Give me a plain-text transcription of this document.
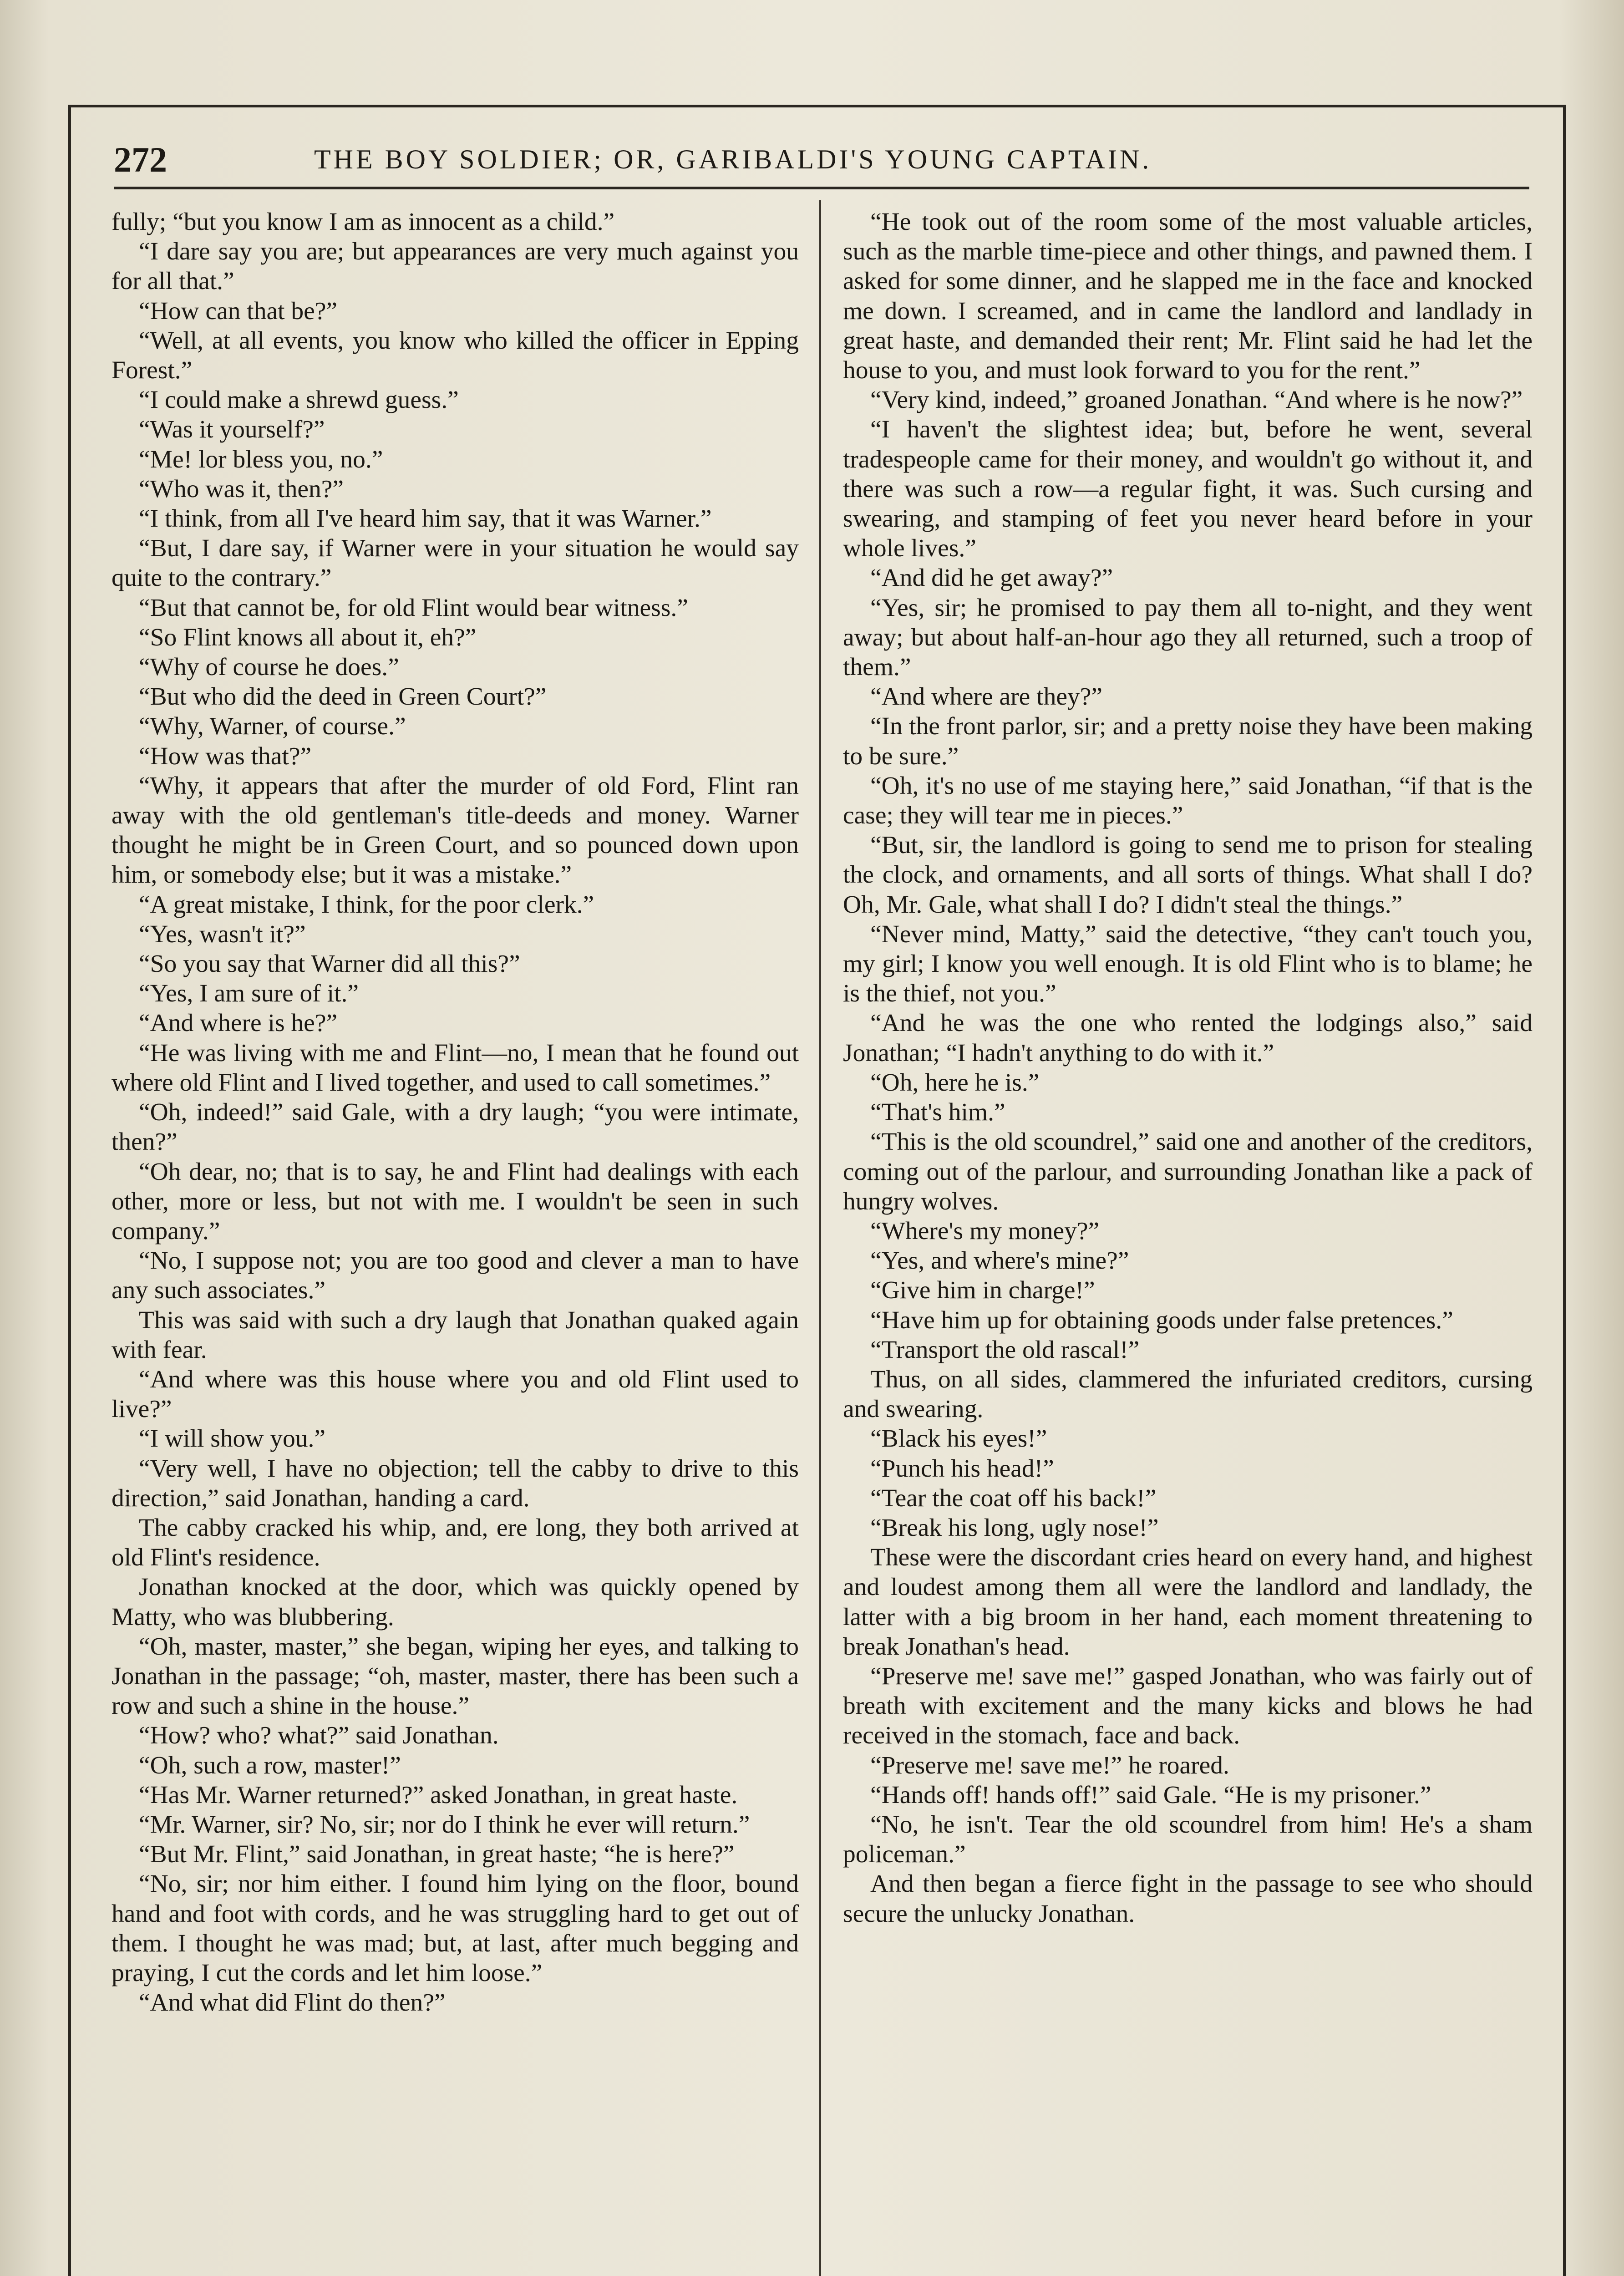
272	THE BOY SOLDIER; OR, GARIBALDI'S YOUNG CAPTAIN.

fully; “but you know I am as innocent as a child.”

“I dare say you are; but appearances are very much against you for all that.”

“How can that be?”

“Well, at all events, you know who killed the officer in Epping Forest.”

“I could make a shrewd guess.”

“Was it yourself?”

“Me! lor bless you, no.”

“Who was it, then?”

“I think, from all I've heard him say, that it was Warner.”

“But, I dare say, if Warner were in your situation he would say quite to the contrary.”

“But that cannot be, for old Flint would bear witness.”

“So Flint knows all about it, eh?”

“Why of course he does.”

“But who did the deed in Green Court?”

“Why, Warner, of course.”

“How was that?”

“Why, it appears that after the murder of old Ford, Flint ran away with the old gentleman's title-deeds and money. Warner thought he might be in Green Court, and so pounced down upon him, or somebody else; but it was a mistake.”

“A great mistake, I think, for the poor clerk.”

“Yes, wasn't it?”

“So you say that Warner did all this?”

“Yes, I am sure of it.”

“And where is he?”

“He was living with me and Flint—no, I mean that he found out where old Flint and I lived together, and used to call sometimes.”

“Oh, indeed!” said Gale, with a dry laugh; “you were intimate, then?”

“Oh dear, no; that is to say, he and Flint had dealings with each other, more or less, but not with me. I wouldn't be seen in such company.”

“No, I suppose not; you are too good and clever a man to have any such associates.”

This was said with such a dry laugh that Jonathan quaked again with fear.

“And where was this house where you and old Flint used to live?”

“I will show you.”

“Very well, I have no objection; tell the cabby to drive to this direction,” said Jonathan, handing a card.

The cabby cracked his whip, and, ere long, they both arrived at old Flint's residence.

Jonathan knocked at the door, which was quickly opened by Matty, who was blubbering.

“Oh, master, master,” she began, wiping her eyes, and talking to Jonathan in the passage; “oh, master, master, there has been such a row and such a shine in the house.”

“How? who? what?” said Jonathan.

“Oh, such a row, master!”

“Has Mr. Warner returned?” asked Jonathan, in great haste.

“Mr. Warner, sir? No, sir; nor do I think he ever will return.”

“But Mr. Flint,” said Jonathan, in great haste; “he is here?”

“No, sir; nor him either. I found him lying on the floor, bound hand and foot with cords, and he was struggling hard to get out of them. I thought he was mad; but, at last, after much begging and praying, I cut the cords and let him loose.”

“And what did Flint do then?”

“He took out of the room some of the most valuable articles, such as the marble time-piece and other things, and pawned them. I asked for some dinner, and he slapped me in the face and knocked me down. I screamed, and in came the landlord and landlady in great haste, and demanded their rent; Mr. Flint said he had let the house to you, and must look forward to you for the rent.”

“Very kind, indeed,” groaned Jonathan. “And where is he now?”

“I haven't the slightest idea; but, before he went, several tradespeople came for their money, and wouldn't go without it, and there was such a row—a regular fight, it was. Such cursing and swearing, and stamping of feet you never heard before in your whole lives.”

“And did he get away?”

“Yes, sir; he promised to pay them all to-night, and they went away; but about half-an-hour ago they all returned, such a troop of them.”

“And where are they?”

“In the front parlor, sir; and a pretty noise they have been making to be sure.”

“Oh, it's no use of me staying here,” said Jonathan, “if that is the case; they will tear me in pieces.”

“But, sir, the landlord is going to send me to prison for stealing the clock, and ornaments, and all sorts of things. What shall I do? Oh, Mr. Gale, what shall I do? I didn't steal the things.”

“Never mind, Matty,” said the detective, “they can't touch you, my girl; I know you well enough. It is old Flint who is to blame; he is the thief, not you.”

“And he was the one who rented the lodgings also,” said Jonathan; “I hadn't anything to do with it.”

“Oh, here he is.”

“That's him.”

“This is the old scoundrel,” said one and another of the creditors, coming out of the parlour, and surrounding Jonathan like a pack of hungry wolves.

“Where's my money?”

“Yes, and where's mine?”

“Give him in charge!”

“Have him up for obtaining goods under false pretences.”

“Transport the old rascal!”

Thus, on all sides, clammered the infuriated creditors, cursing and swearing.

“Black his eyes!”

“Punch his head!”

“Tear the coat off his back!”

“Break his long, ugly nose!”

These were the discordant cries heard on every hand, and highest and loudest among them all were the landlord and landlady, the latter with a big broom in her hand, each moment threatening to break Jonathan's head.

“Preserve me! save me!” gasped Jonathan, who was fairly out of breath with excitement and the many kicks and blows he had received in the stomach, face and back.

“Preserve me! save me!” he roared.

“Hands off! hands off!” said Gale. “He is my prisoner.”

“No, he isn't. Tear the old scoundrel from him! He's a sham policeman.”

And then began a fierce fight in the passage to see who should secure the unlucky Jonathan.
